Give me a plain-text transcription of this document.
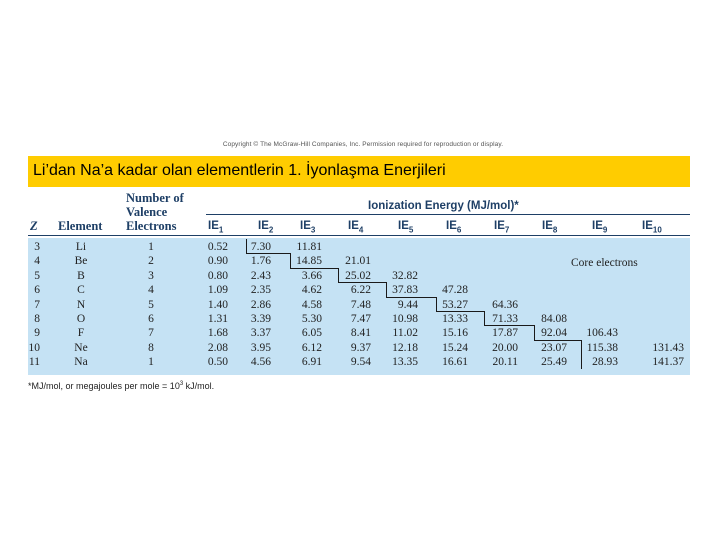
Copyright © The McGraw-Hill Companies, Inc. Permission required for reproduction or display.
Li’dan Na’a kadar olan elementlerin 1. İyonlaşma Enerjileri
Z Element
Number of
Valence
Electrons
Ionization Energy (MJ/mol)*
$IE_1$	$IE_2$ $IE_3$	$IE_4$	$IE_5$	$IE_6$	$IE_7$	$IE_8$	$IE_9$	$IE_{10}$
Core electrons
3	Li	1	0.52	7.30	11.81
4	Be	2	0.90	1.76	14.85	21.01
5	B	3	0.80	2.43	3.66	25.02	32.82
6	C	4	1.09	2.35	4.62	6.22	37.83	47.28
7	N	5	1.40	2.86	4.58	7.48	9.44	53.27	64.36
8	O	6	1.31	3.39	5.30	7.47	10.98	13.33	71.33	84.08
9	F	7	1.68	3.37	6.05	8.41	11.02	15.16	17.87	92.04	106.43
10	Ne	8	2.08	3.95	6.12	9.37	12.18	15.24	20.00	23.07	115.38	131.43
11	Na	1	0.50	4.56	6.91	9.54	13.35	16.61	20.11	25.49	28.93	141.37
*MJ/mol, or megajoules per mole = $10^3$ kJ/mol.
